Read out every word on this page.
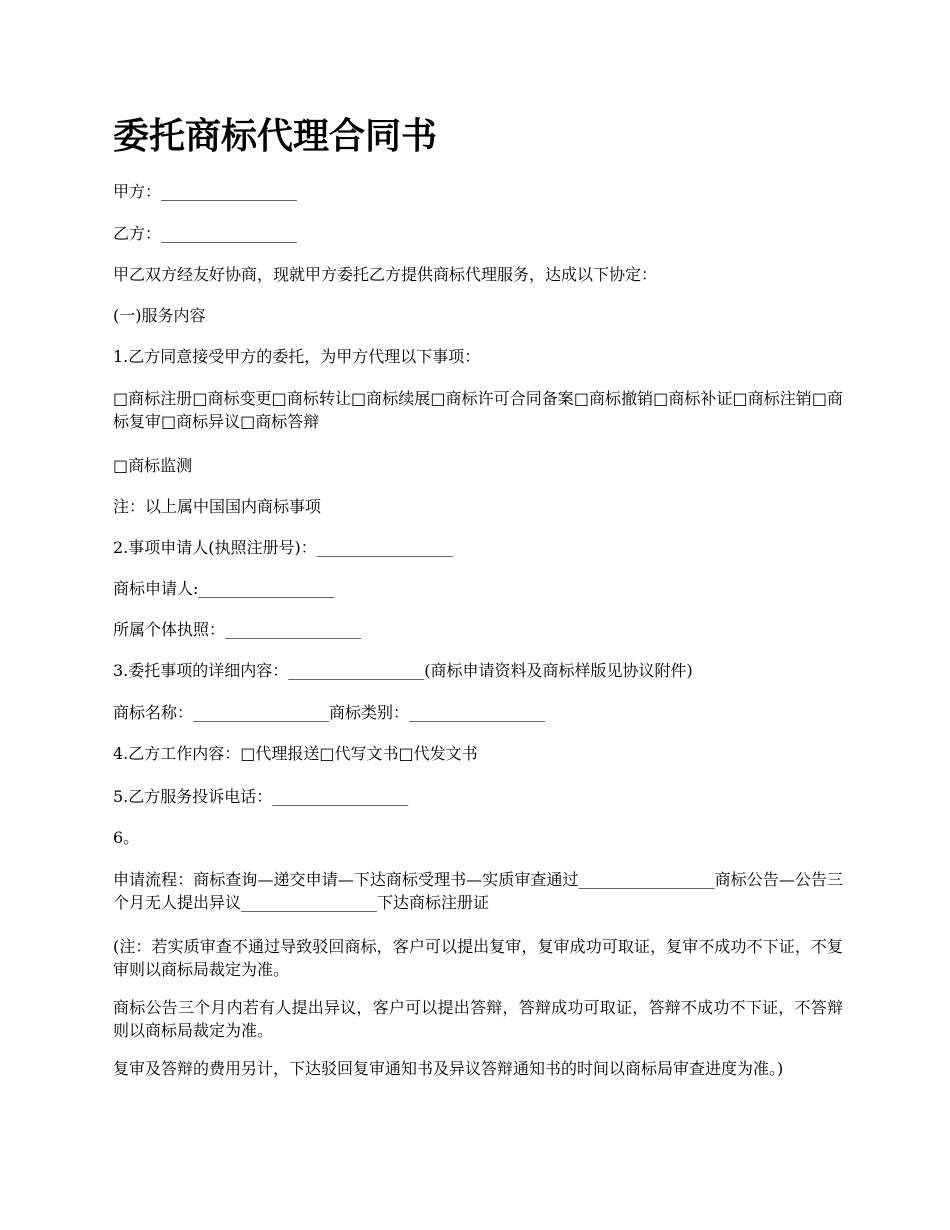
委托商标代理合同书

甲方：_________________

乙方：_________________

甲乙双方经友好协商，现就甲方委托乙方提供商标代理服务，达成以下协定：

(一)服务内容

1.乙方同意接受甲方的委托，为甲方代理以下事项：

□商标注册□商标变更□商标转让□商标续展□商标许可合同备案□商标撤销□商标补证□商标注销□商标复审□商标异议□商标答辩

□商标监测

注：以上属中国国内商标事项

2.事项申请人(执照注册号)：_________________

商标申请人:_________________

所属个体执照：_________________

3.委托事项的详细内容：_________________(商标申请资料及商标样版见协议附件)

商标名称：_________________商标类别：_________________

4.乙方工作内容：□代理报送□代写文书□代发文书

5.乙方服务投诉电话：_________________

6。

申请流程：商标查询—递交申请—下达商标受理书—实质审查通过_________________商标公告—公告三个月无人提出异议_________________下达商标注册证

(注：若实质审查不通过导致驳回商标，客户可以提出复审，复审成功可取证，复审不成功不下证，不复审则以商标局裁定为准。

商标公告三个月内若有人提出异议，客户可以提出答辩，答辩成功可取证，答辩不成功不下证，不答辩则以商标局裁定为准。

复审及答辩的费用另计，下达驳回复审通知书及异议答辩通知书的时间以商标局审查进度为准。)
